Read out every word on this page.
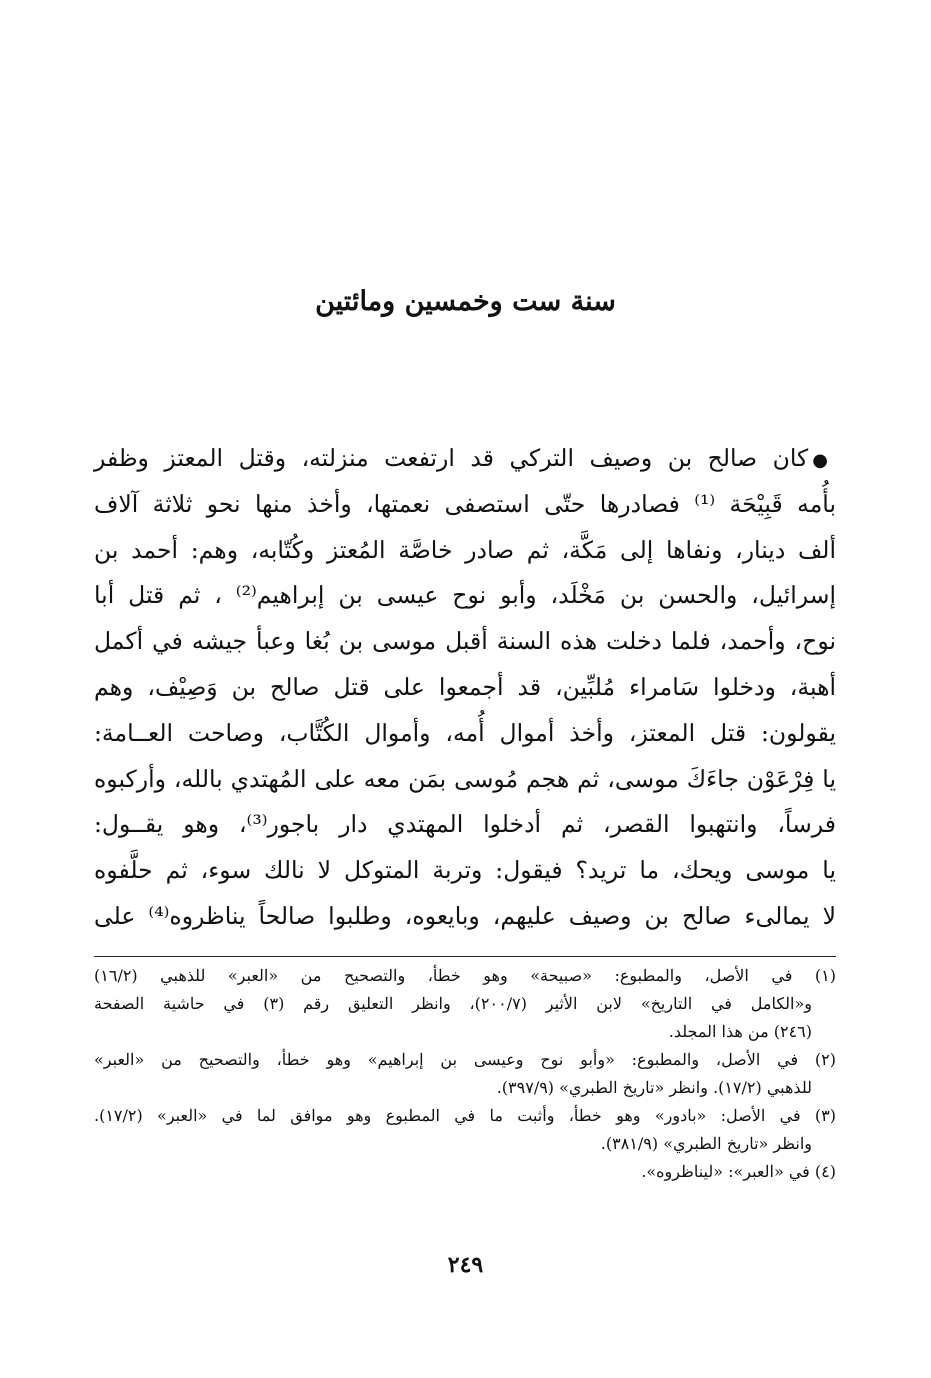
سنة ست وخمسين ومائتين
●كان صالح بن وصيف التركي قد ارتفعت منزلته، وقتل المعتز وظفر
بأُمه قَبِيْحَة ⁽¹⁾ فصادرها حتّى استصفى نعمتها، وأخذ منها نحو ثلاثة آلاف
ألف دينار، ونفاها إلى مَكَّة، ثم صادر خاصَّة المُعتز وكُتّابه، وهم: أحمد بن
إسرائيل، والحسن بن مَخْلَد، وأبو نوح عيسى بن إبراهيم⁽²⁾ ، ثم قتل أبا
نوح، وأحمد، فلما دخلت هذه السنة أقبل موسى بن بُغا وعبأ جيشه في أكمل
أهبة، ودخلوا سَامراء مُلبِّين، قد أجمعوا على قتل صالح بن وَصِيْف، وهم
يقولون: قتل المعتز، وأخذ أموال أُمه، وأموال الكُتَّاب، وصاحت العــامة:
يا فِرْعَوْن جاءَكَ موسى، ثم هجم مُوسى بمَن معه على المُهتدي بالله، وأركبوه
فرساً، وانتهبوا القصر، ثم أدخلوا المهتدي دار باجور⁽³⁾، وهو يقــول:
يا موسى ويحك، ما تريد؟ فيقول: وتربة المتوكل لا نالك سوء، ثم حلَّفوه
لا يمالىء صالح بن وصيف عليهم، وبايعوه، وطلبوا صالحاً يناظروه⁽⁴⁾ على
(١) في الأصل، والمطبوع: «صبيحة» وهو خطأ، والتصحيح من «العبر» للذهبي (١٦/٢)
و«الكامل في التاريخ» لابن الأثير (٢٠٠/٧)، وانظر التعليق رقم (٣) في حاشية الصفحة
(٢٤٦) من هذا المجلد.
(٢) في الأصل، والمطبوع: «وأبو نوح وعيسى بن إبراهيم» وهو خطأ، والتصحيح من «العبر»
للذهبي (١٧/٢). وانظر «تاريخ الطبري» (٣٩٧/٩).
(٣) في الأصل: «بادور» وهو خطأ، وأثبت ما في المطبوع وهو موافق لما في «العبر» (١٧/٢).
وانظر «تاريخ الطبري» (٣٨١/٩).
(٤) في «العبر»: «ليناظروه».
٢٤٩
